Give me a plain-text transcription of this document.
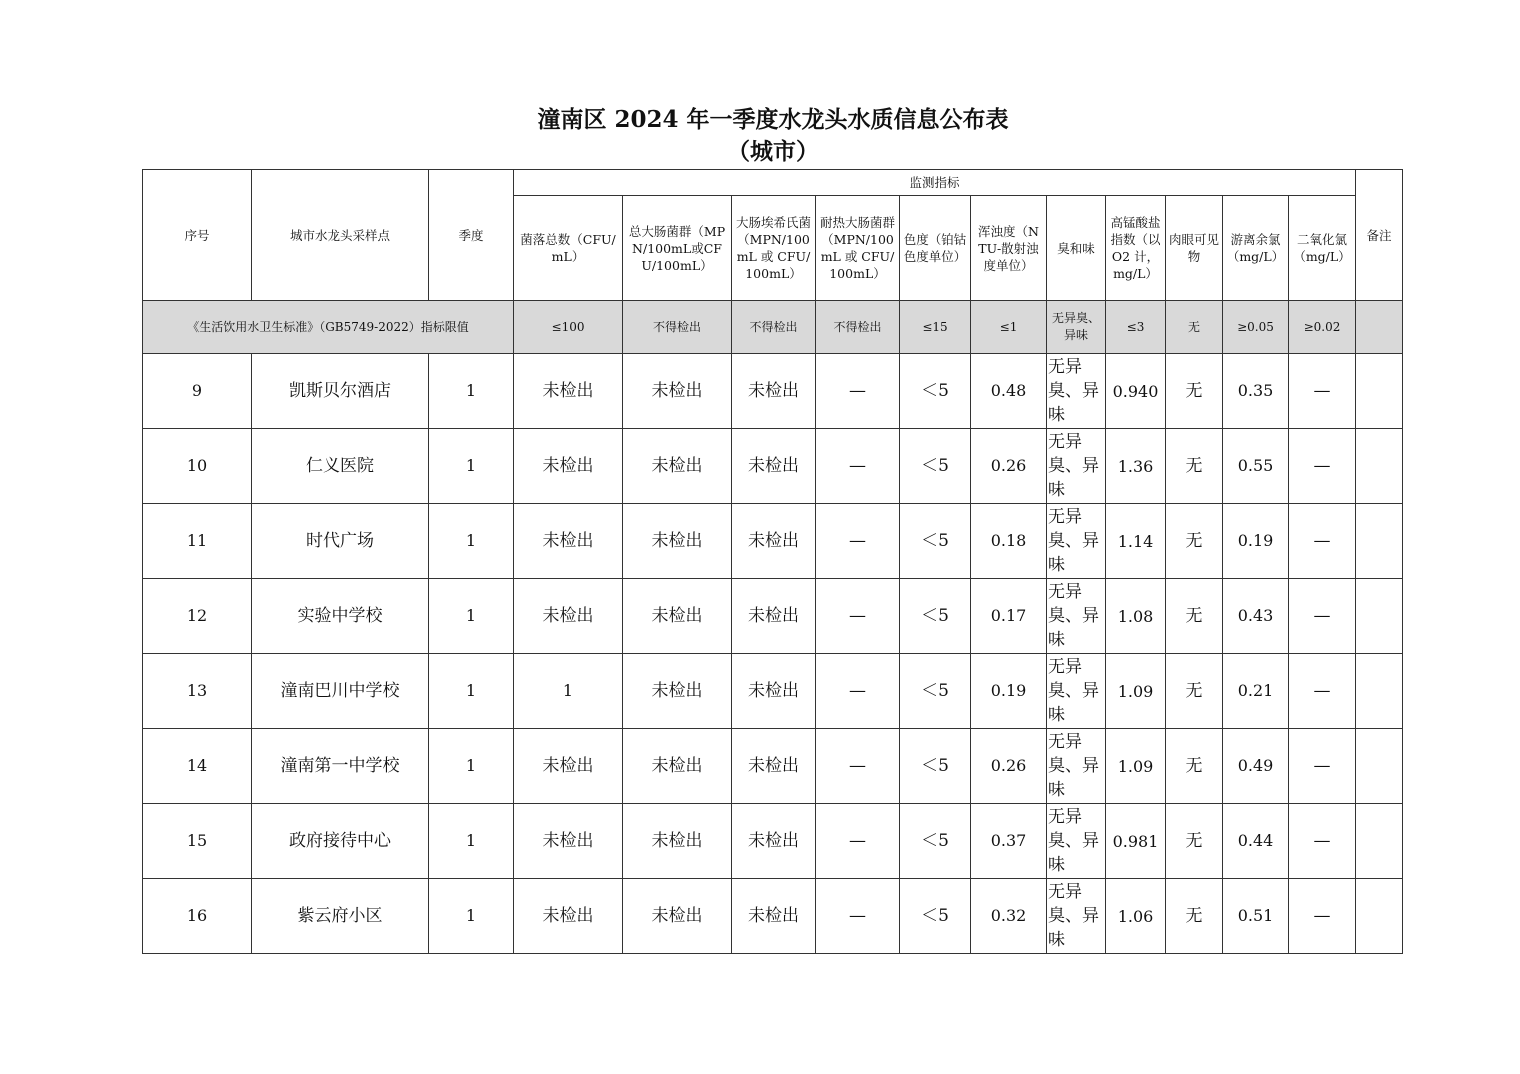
潼南区 2024 年一季度水龙头水质信息公布表
（城市）
序号	城市水龙头采样点	季度	监测指标											备注
			菌落总数（CFU/mL）	总大肠菌群（MPN/100mL或CFU/100mL）	大肠埃希氏菌（MPN/100mL 或 CFU/100mL）	耐热大肠菌群（MPN/100mL 或 CFU/100mL）	色度（铂钴色度单位）	浑浊度（NTU-散射浊度单位）	臭和味	高锰酸盐指数（以 O2 计，mg/L）	肉眼可见物	游离余氯（mg/L）	二氧化氯（mg/L）	
《生活饮用水卫生标准》（GB5749-2022）指标限值			≤100	不得检出	不得检出	不得检出	≤15	≤1	无异臭、异味	≤3	无	≥0.05	≥0.02	
9	凯斯贝尔酒店	1	未检出	未检出	未检出	—	＜5	0.48	无异臭、异味	0.940	无	0.35	—	
10	仁义医院	1	未检出	未检出	未检出	—	＜5	0.26	无异臭、异味	1.36	无	0.55	—	
11	时代广场	1	未检出	未检出	未检出	—	＜5	0.18	无异臭、异味	1.14	无	0.19	—	
12	实验中学校	1	未检出	未检出	未检出	—	＜5	0.17	无异臭、异味	1.08	无	0.43	—	
13	潼南巴川中学校	1	1	未检出	未检出	—	＜5	0.19	无异臭、异味	1.09	无	0.21	—	
14	潼南第一中学校	1	未检出	未检出	未检出	—	＜5	0.26	无异臭、异味	1.09	无	0.49	—	
15	政府接待中心	1	未检出	未检出	未检出	—	＜5	0.37	无异臭、异味	0.981	无	0.44	—	
16	紫云府小区	1	未检出	未检出	未检出	—	＜5	0.32	无异臭、异味	1.06	无	0.51	—	
